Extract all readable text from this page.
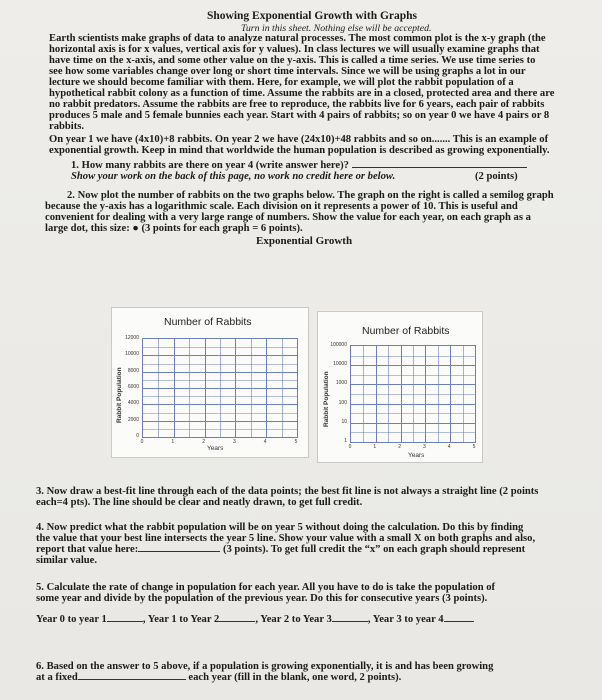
Showing Exponential Growth with Graphs
Turn in this sheet. Nothing else will be accepted.
Earth scientists make graphs of data to analyze natural processes. The most common plot is the x-y graph (the
horizontal axis is for x values, vertical axis for y values). In class lectures we will usually examine graphs that
have time on the x-axis, and some other value on the y-axis. This is called a time series. We use time series to
see how some variables change over long or short time intervals. Since we will be using graphs a lot in our
lecture we should become familiar with them. Here, for example, we will plot the rabbit population of a
hypothetical rabbit colony as a function of time. Assume the rabbits are in a closed, protected area and there are
no rabbit predators. Assume the rabbits are free to reproduce, the rabbits live for 6 years, each pair of rabbits
produces 5 male and 5 female bunnies each year. Start with 4 pairs of rabbits; so on year 0 we have 4 pairs or 8
rabbits.
On year 1 we have (4x10)+8 rabbits. On year 2 we have (24x10)+48 rabbits and so on....... This is an example of
exponential growth. Keep in mind that worldwide the human population is described as growing exponentially.
1. How many rabbits are there on year 4 (write answer here)?
Show your work on the back of this page, no work no credit here or below.	(2 points)
2. Now plot the number of rabbits on the two graphs below. The graph on the right is called a semilog graph
because the y-axis has a logarithmic scale. Each division on it represents a power of 10. This is useful and
convenient for dealing with a very large range of numbers. Show the value for each year, on each graph as a
large dot, this size: ● (3 points for each graph = 6 points).
Exponential Growth
Number of Rabbits
Rabbit Population
Years
0
2000
4000
6000
8000
10000
12000
0	1	2	3	4	5
Number of Rabbits
Rabbit Population
Years
1
10
100
1000
10000
100000
0	1	2	3	4	5
3. Now draw a best-fit line through each of the data points; the best fit line is not always a straight line (2 points
each=4 pts). The line should be clear and neatly drawn, to get full credit.
4. Now predict what the rabbit population will be on year 5 without doing the calculation. Do this by finding
the value that your best line intersects the year 5 line. Show your value with a small X on both graphs and also,
report that value here:	(3 points). To get full credit the “x” on each graph should represent
similar value.
5. Calculate the rate of change in population for each year. All you have to do is take the population of
some year and divide by the population of the previous year. Do this for consecutive years (3 points).
Year 0 to year 1	, Year 1 to Year 2	, Year 2 to Year 3	, Year 3 to year 4
6. Based on the answer to 5 above, if a population is growing exponentially, it is and has been growing
at a fixed	each year (fill in the blank, one word, 2 points).
